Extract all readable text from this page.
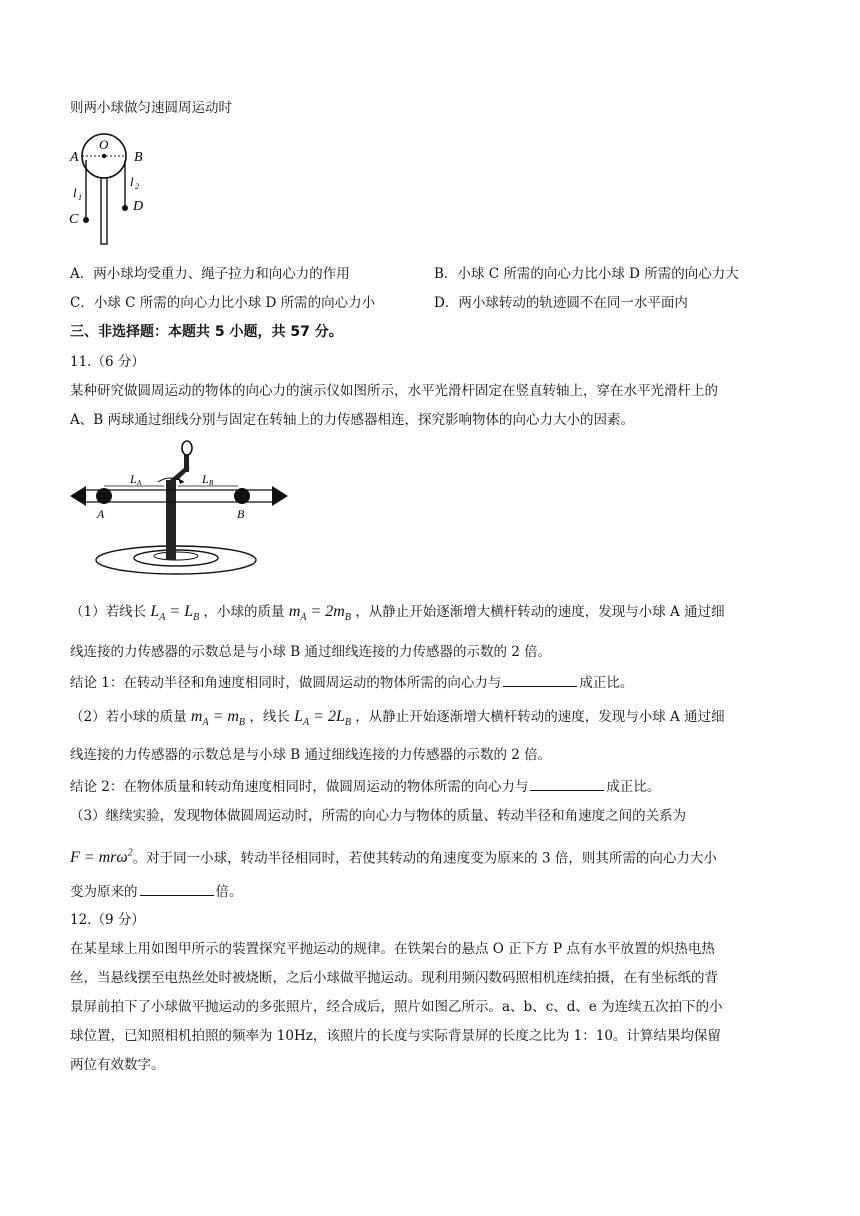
则两小球做匀速圆周运动时
A
O
B
l 1
l 2
C
D
A．两小球均受重力、绳子拉力和向心力的作用	B．小球 C 所需的向心力比小球 D 所需的向心力大
C．小球 C 所需的向心力比小球 D 所需的向心力小	D．两小球转动的轨迹圆不在同一水平面内
三、非选择题：本题共 5 小题，共 57 分。
11.（6 分）
某种研究做圆周运动的物体的向心力的演示仪如图所示，水平光滑杆固定在竖直转轴上，穿在水平光滑杆上的
A、B 两球通过细线分别与固定在转轴上的力传感器相连，探究影响物体的向心力大小的因素。
L A	L B
A	B
（1）若线长 $L_A = L_B$ ，小球的质量 $m_A = 2m_B$ ，从静止开始逐渐增大横杆转动的速度，发现与小球 A 通过细
线连接的力传感器的示数总是与小球 B 通过细线连接的力传感器的示数的 2 倍。
结论 1：在转动半径和角速度相同时，做圆周运动的物体所需的向心力与	成正比。
（2）若小球的质量 $m_A = m_B$ ，线长 $L_A = 2L_B$ ，从静止开始逐渐增大横杆转动的速度，发现与小球 A 通过细
线连接的力传感器的示数总是与小球 B 通过细线连接的力传感器的示数的 2 倍。
结论 2：在物体质量和转动角速度相同时，做圆周运动的物体所需的向心力与	成正比。
（3）继续实验，发现物体做圆周运动时，所需的向心力与物体的质量、转动半径和角速度之间的关系为
F = mrω$^2$。对于同一小球，转动半径相同时，若使其转动的角速度变为原来的 3 倍，则其所需的向心力大小
变为原来的	倍。
12.（9 分）
在某星球上用如图甲所示的装置探究平抛运动的规律。在铁架台的悬点 O 正下方 P 点有水平放置的炽热电热
丝，当悬线摆至电热丝处时被烧断，之后小球做平抛运动。现利用频闪数码照相机连续拍摄，在有坐标纸的背
景屏前拍下了小球做平抛运动的多张照片，经合成后，照片如图乙所示。a、b、c、d、e 为连续五次拍下的小
球位置，已知照相机拍照的频率为 10Hz，该照片的长度与实际背景屏的长度之比为 1：10。计算结果均保留
两位有效数字。
